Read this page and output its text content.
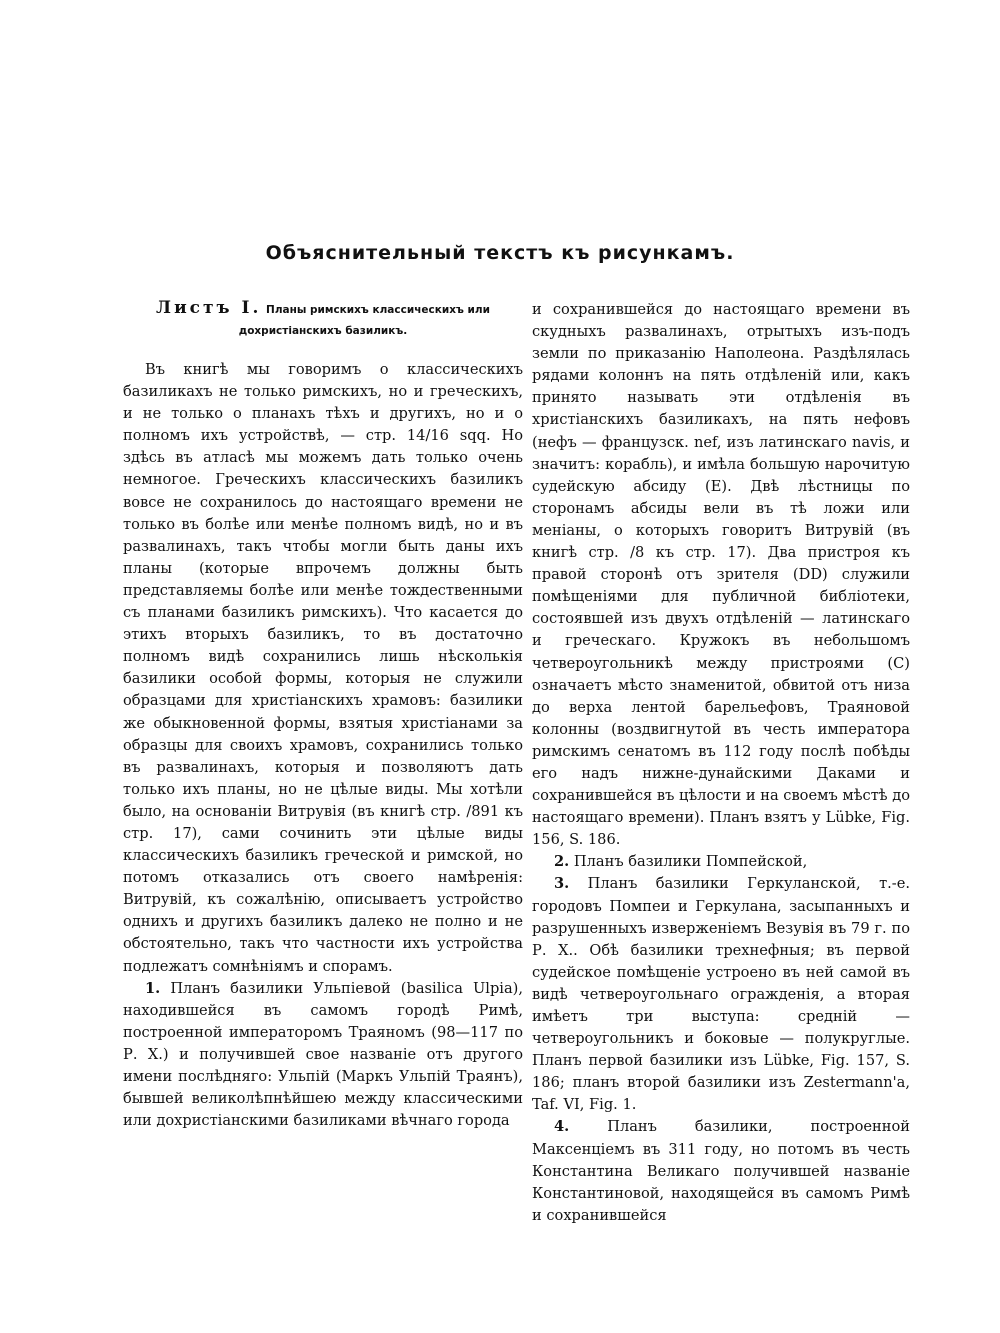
Объяснительный текстъ къ рисункамъ.
Листъ I. Планы римскихъ классическихъ или дохристіанскихъ базиликъ.

Въ книгѣ мы говоримъ о классическихъ базиликахъ не только римскихъ, но и греческихъ, и не только о планахъ тѣхъ и другихъ, но и о полномъ ихъ устройствѣ, — стр. 14/16 sqq. Но здѣсь въ атласѣ мы можемъ дать только очень немногое. Греческихъ классическихъ базиликъ вовсе не сохранилось до настоящаго времени не только въ болѣе или менѣе полномъ видѣ, но и въ развалинахъ, такъ чтобы могли быть даны ихъ планы (которые впрочемъ должны быть представляемы болѣе или менѣе тождественными съ планами базиликъ римскихъ). Что касается до этихъ вторыхъ базиликъ, то въ достаточно полномъ видѣ сохранились лишь нѣсколькія базилики особой формы, которыя не служили образцами для христіанскихъ храмовъ: базилики же обыкновенной формы, взятыя христіанами за образцы для своихъ храмовъ, сохранились только въ развалинахъ, которыя и позволяютъ дать только ихъ планы, но не цѣлые виды. Мы хотѣли было, на основаніи Витрувія (въ книгѣ стр. /891 къ стр. 17), сами сочинить эти цѣлые виды классическихъ базиликъ греческой и римской, но потомъ отказались отъ своего намѣренія: Витрувій, къ сожалѣнію, описываетъ устройство однихъ и другихъ базиликъ далеко не полно и не обстоятельно, такъ что частности ихъ устройства подлежатъ сомнѣніямъ и спорамъ.

1. Планъ базилики Ульпіевой (basilica Ulpia), находившейся въ самомъ городѣ Римѣ, построенной императоромъ Траяномъ (98—117 по Р. Х.) и получившей свое названіе отъ другого имени послѣдняго: Ульпій (Маркъ Ульпій Траянъ), бывшей великолѣпнѣйшею между классическими или дохристіанскими базиликами вѣчнаго города

и сохранившейся до настоящаго времени въ скудныхъ развалинахъ, отрытыхъ изъ-подъ земли по приказанію Наполеона. Раздѣлялась рядами колоннъ на пять отдѣленій или, какъ принято называть эти отдѣленія въ христіанскихъ базиликахъ, на пять нефовъ (нефъ — французск. nef, изъ латинскаго navis, и значитъ: корабль), и имѣла большую нарочитую судейскую абсиду (E). Двѣ лѣстницы по сторонамъ абсиды вели въ тѣ ложи или меніаны, о которыхъ говоритъ Витрувій (въ книгѣ стр. /8 къ стр. 17). Два пристроя къ правой сторонѣ отъ зрителя (DD) служили помѣщеніями для публичной библіотеки, состоявшей изъ двухъ отдѣленій — латинскаго и греческаго. Кружокъ въ небольшомъ четвероугольникѣ между пристроями (C) означаетъ мѣсто знаменитой, обвитой отъ низа до верха лентой барельефовъ, Траяновой колонны (воздвигнутой въ честь императора римскимъ сенатомъ въ 112 году послѣ побѣды его надъ нижне-дунайскими Даками и сохранившейся въ цѣлости и на своемъ мѣстѣ до настоящаго времени). Планъ взятъ у Lübke, Fig. 156, S. 186.

2. Планъ базилики Помпейской,

3. Планъ базилики Геркуланской, т.-е. городовъ Помпеи и Геркулана, засыпанныхъ и разрушенныхъ изверженіемъ Везувія въ 79 г. по Р. Х.. Обѣ базилики трехнефныя; въ первой судейское помѣщеніе устроено въ ней самой въ видѣ четвероугольнаго огражденія, а вторая имѣетъ три выступа: средній — четвероугольникъ и боковые — полукруглые. Планъ первой базилики изъ Lübke, Fig. 157, S. 186; планъ второй базилики изъ Zestermann'a, Taf. VI, Fig. 1.

4.	Планъ базилики, построенной Максенціемъ въ 311 году, но потомъ въ честь Константина Великаго получившей названіе Константиновой, находящейся въ самомъ Римѣ и сохранившейся
